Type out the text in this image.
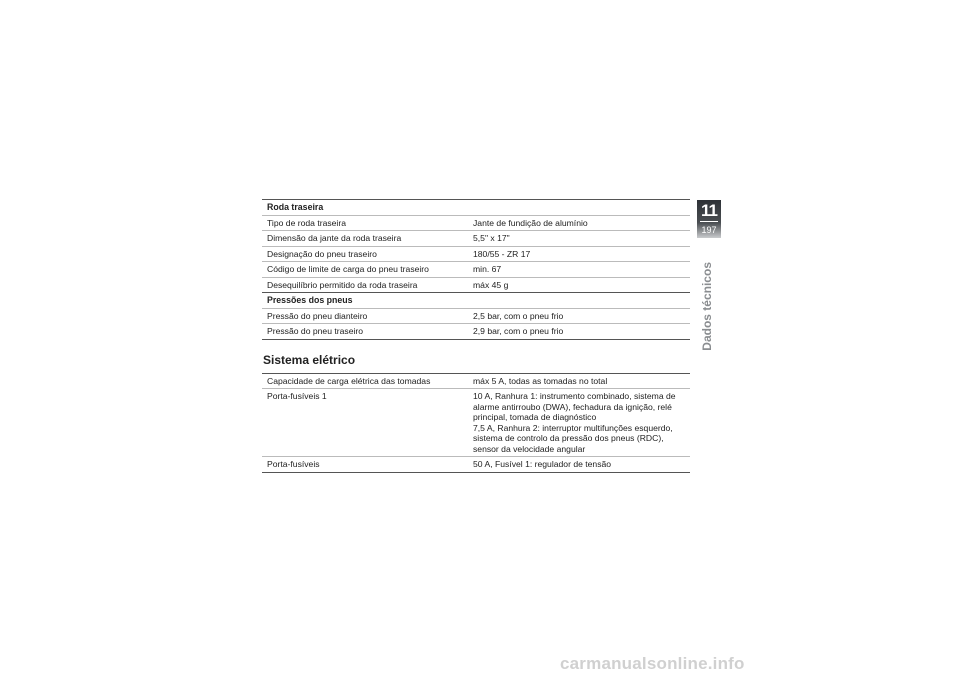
Roda traseira
Tipo de roda traseira	Jante de fundição de alumínio
Dimensão da jante da roda traseira	5,5" x 17"
Designação do pneu traseiro	180/55 - ZR 17
Código de limite de carga do pneu traseiro	min. 67
Desequilíbrio permitido da roda traseira	máx 45 g
Pressões dos pneus
Pressão do pneu dianteiro	2,5 bar, com o pneu frio
Pressão do pneu traseiro	2,9 bar, com o pneu frio
Sistema elétrico
Capacidade de carga elétrica das tomadas	máx 5 A, todas as tomadas no total
Porta-fusíveis 1	10 A, Ranhura 1: instrumento combinado, sistema de alarme antirroubo (DWA), fechadura da ignição, relé principal, tomada de diagnóstico
7,5 A, Ranhura 2: interruptor multifunções esquerdo, sistema de controlo da pressão dos pneus (RDC), sensor da velocidade angular
Porta-fusíveis	50 A, Fusível 1: regulador de tensão
11
197
Dados técnicos
carmanualsonline.info
